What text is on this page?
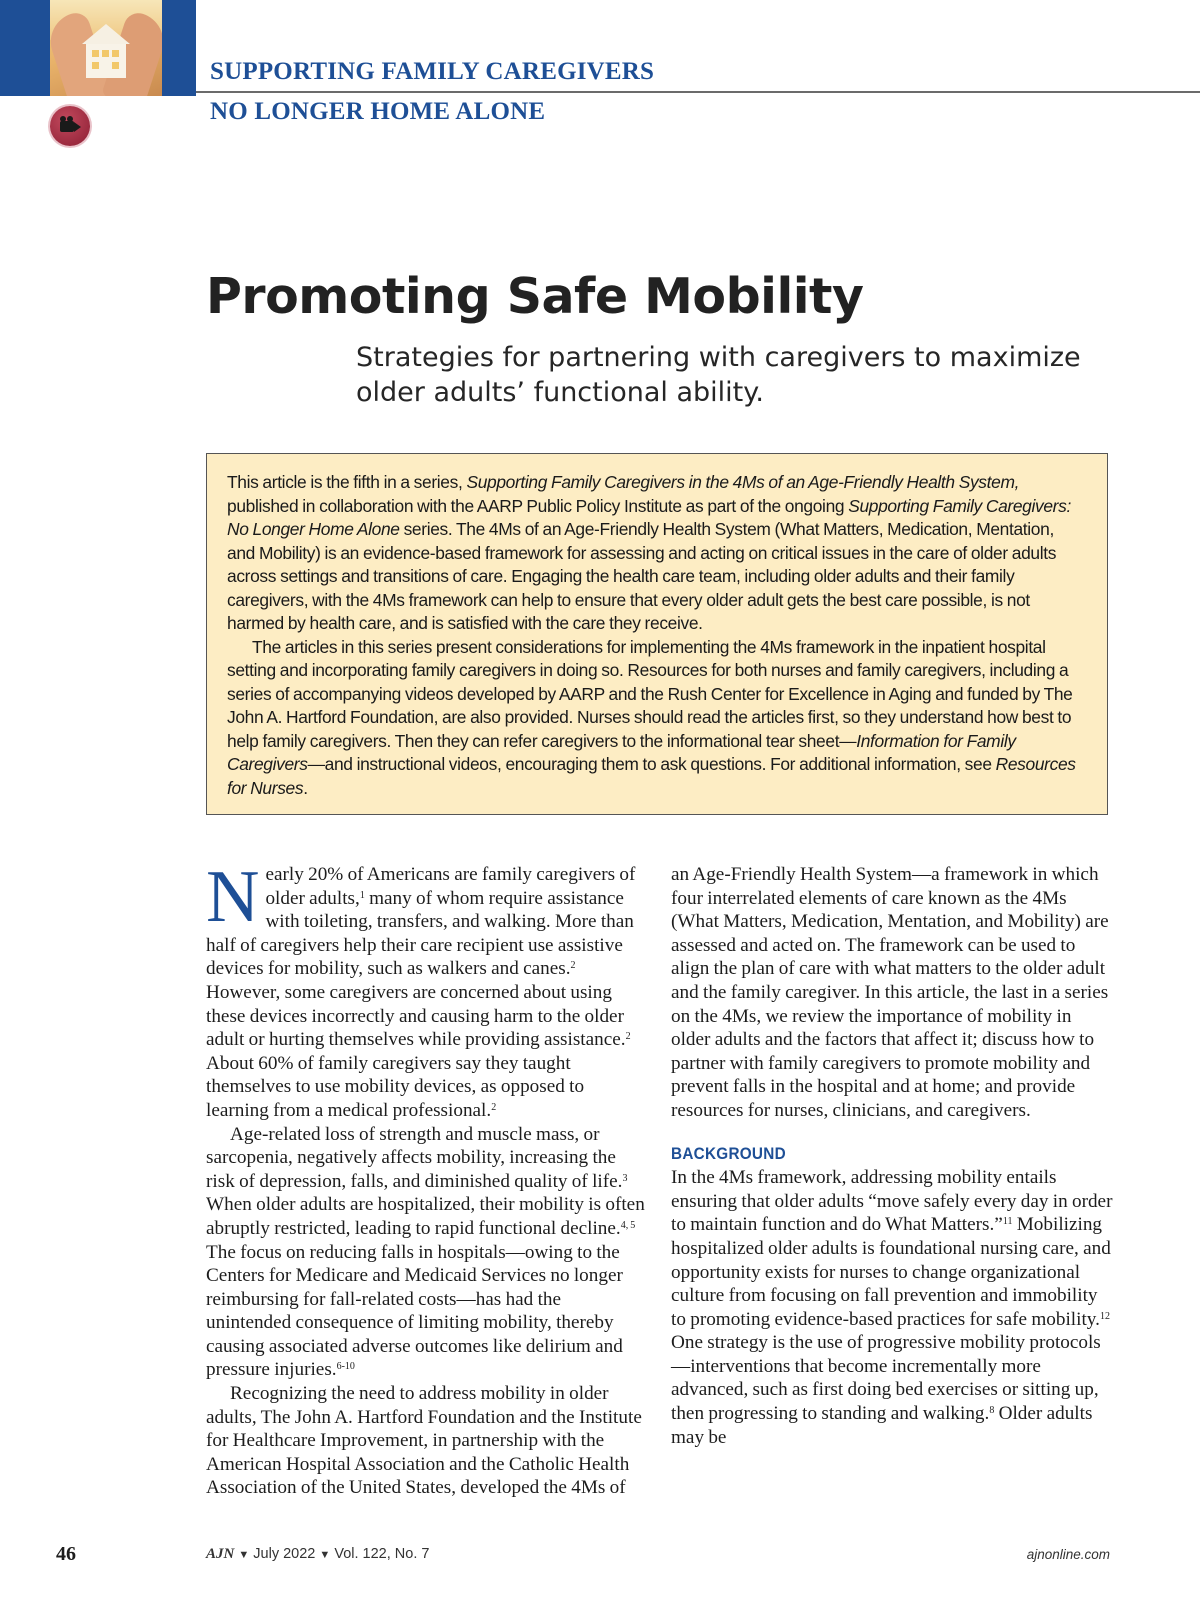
SUPPORTING FAMILY CAREGIVERS
NO LONGER HOME ALONE
Promoting Safe Mobility

Strategies for partnering with caregivers to maximize older adults’ functional ability.

This article is the fifth in a series, Supporting Family Caregivers in the 4Ms of an Age-Friendly Health System, published in collaboration with the AARP Public Policy Institute as part of the ongoing Supporting Family Caregivers: No Longer Home Alone series. The 4Ms of an Age-Friendly Health System (What Matters, Medication, Mentation, and Mobility) is an evidence-based framework for assessing and acting on critical issues in the care of older adults across settings and transitions of care. Engaging the health care team, including older adults and their family caregivers, with the 4Ms framework can help to ensure that every older adult gets the best care possible, is not harmed by health care, and is satisfied with the care they receive.

The articles in this series present considerations for implementing the 4Ms framework in the inpatient hospital setting and incorporating family caregivers in doing so. Resources for both nurses and family caregivers, including a series of accompanying videos developed by AARP and the Rush Center for Excellence in Aging and funded by The John A. Hartford Foundation, are also provided. Nurses should read the articles first, so they understand how best to help family caregivers. Then they can refer caregivers to the informational tear sheet—Information for Family Caregivers—and instructional videos, encouraging them to ask questions. For additional information, see Resources for Nurses.

Nearly 20% of Americans are family caregivers of older adults,$^1$ many of whom require assistance with toileting, transfers, and walking. More than half of caregivers help their care recipient use assistive devices for mobility, such as walkers and canes.$^2$ However, some caregivers are concerned about using these devices incorrectly and causing harm to the older adult or hurting themselves while providing assistance.$^2$ About 60% of family caregivers say they taught themselves to use mobility devices, as opposed to learning from a medical professional.$^2$

Age-related loss of strength and muscle mass, or sarcopenia, negatively affects mobility, increasing the risk of depression, falls, and diminished quality of life.$^3$ When older adults are hospitalized, their mobility is often abruptly restricted, leading to rapid functional decline.$^{4, 5}$ The focus on reducing falls in hospitals—owing to the Centers for Medicare and Medicaid Services no longer reimbursing for fall-related costs—has had the unintended consequence of limiting mobility, thereby causing associated adverse outcomes like delirium and pressure injuries.$^{6-10}$

Recognizing the need to address mobility in older adults, The John A. Hartford Foundation and the Institute for Healthcare Improvement, in partnership with the American Hospital Association and the Catholic Health Association of the United States, developed the 4Ms of

an Age-Friendly Health System—a framework in which four interrelated elements of care known as the 4Ms (What Matters, Medication, Mentation, and Mobility) are assessed and acted on. The framework can be used to align the plan of care with what matters to the older adult and the family caregiver. In this article, the last in a series on the 4Ms, we review the importance of mobility in older adults and the factors that affect it; discuss how to partner with family caregivers to promote mobility and prevent falls in the hospital and at home; and provide resources for nurses, clinicians, and caregivers.

BACKGROUND

In the 4Ms framework, addressing mobility entails ensuring that older adults “move safely every day in order to maintain function and do What Matters.”$^{11}$ Mobilizing hospitalized older adults is foundational nursing care, and opportunity exists for nurses to change organizational culture from focusing on fall prevention and immobility to promoting evidence-based practices for safe mobility.$^{12}$ One strategy is the use of progressive mobility protocols—interventions that become incrementally more advanced, such as first doing bed exercises or sitting up, then progressing to standing and walking.$^8$ Older adults may be

46	AJN ▼ July 2022 ▼ Vol. 122, No. 7	ajnonline.com
